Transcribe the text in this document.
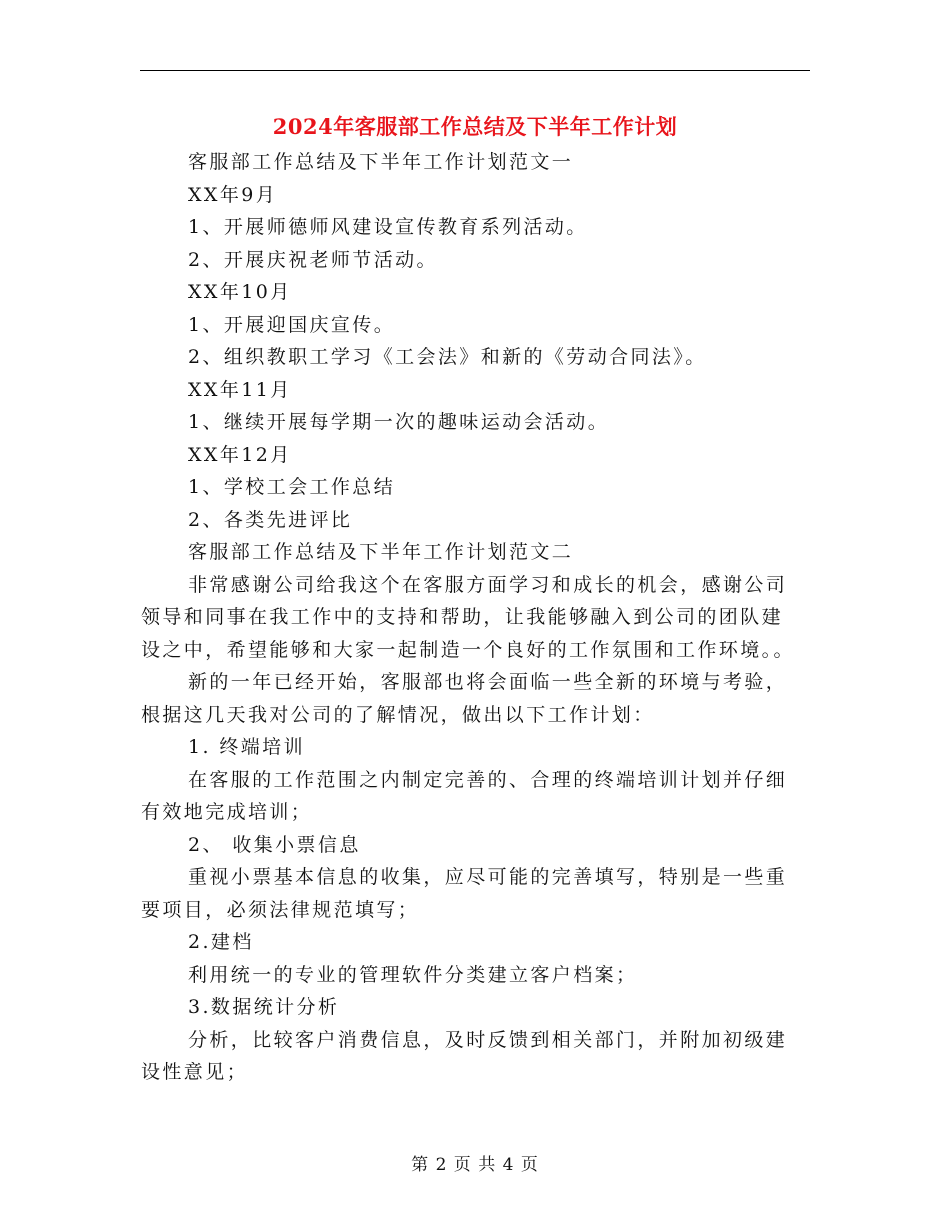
2024年客服部工作总结及下半年工作计划
客服部工作总结及下半年工作计划范文一
XX年9月
1、开展师德师风建设宣传教育系列活动。
2、开展庆祝老师节活动。
XX年10月
1、开展迎国庆宣传。
2、组织教职工学习《工会法》和新的《劳动合同法》。
XX年11月
1、继续开展每学期一次的趣味运动会活动。
XX年12月
1、学校工会工作总结
2、各类先进评比
客服部工作总结及下半年工作计划范文二
非常感谢公司给我这个在客服方面学习和成长的机会，感谢公司
领导和同事在我工作中的支持和帮助，让我能够融入到公司的团队建
设之中，希望能够和大家一起制造一个良好的工作氛围和工作环境。。
新的一年已经开始，客服部也将会面临一些全新的环境与考验，
根据这几天我对公司的了解情况，做出以下工作计划：
1. 终端培训
在客服的工作范围之内制定完善的、合理的终端培训计划并仔细
有效地完成培训；
2、 收集小票信息
重视小票基本信息的收集，应尽可能的完善填写，特别是一些重
要项目，必须法律规范填写；
2.建档
利用统一的专业的管理软件分类建立客户档案；
3.数据统计分析
分析，比较客户消费信息，及时反馈到相关部门，并附加初级建
设性意见；
第 2 页 共 4 页
